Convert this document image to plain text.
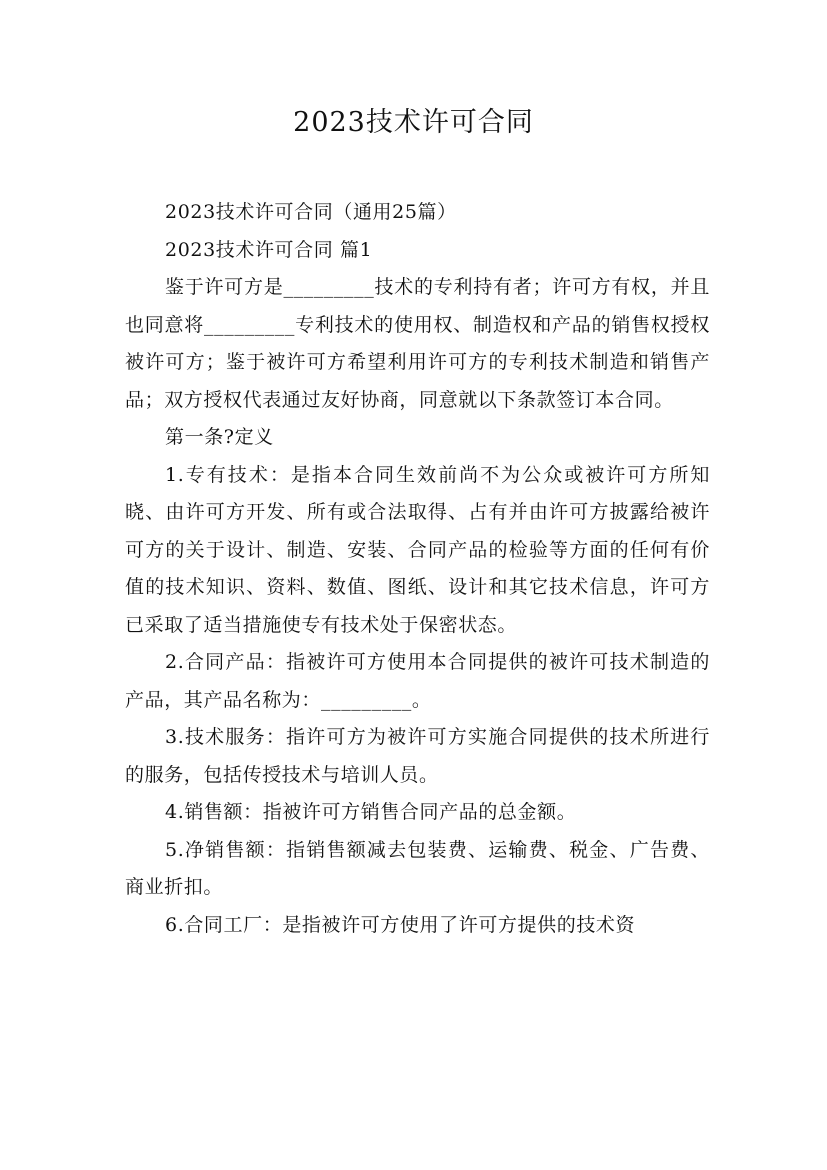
2023技术许可合同

2023技术许可合同（通用25篇）

2023技术许可合同 篇1

鉴于许可方是_________技术的专利持有者；许可方有权，并且也同意将_________专利技术的使用权、制造权和产品的销售权授权被许可方；鉴于被许可方希望利用许可方的专利技术制造和销售产品；双方授权代表通过友好协商，同意就以下条款签订本合同。

第一条?定义

1.专有技术：是指本合同生效前尚不为公众或被许可方所知晓、由许可方开发、所有或合法取得、占有并由许可方披露给被许可方的关于设计、制造、安装、合同产品的检验等方面的任何有价值的技术知识、资料、数值、图纸、设计和其它技术信息，许可方已采取了适当措施使专有技术处于保密状态。

2.合同产品：指被许可方使用本合同提供的被许可技术制造的产品，其产品名称为：_________。

3.技术服务：指许可方为被许可方实施合同提供的技术所进行的服务，包括传授技术与培训人员。

4.销售额：指被许可方销售合同产品的总金额。

5.净销售额：指销售额减去包装费、运输费、税金、广告费、商业折扣。

6.合同工厂：是指被许可方使用了许可方提供的技术资
